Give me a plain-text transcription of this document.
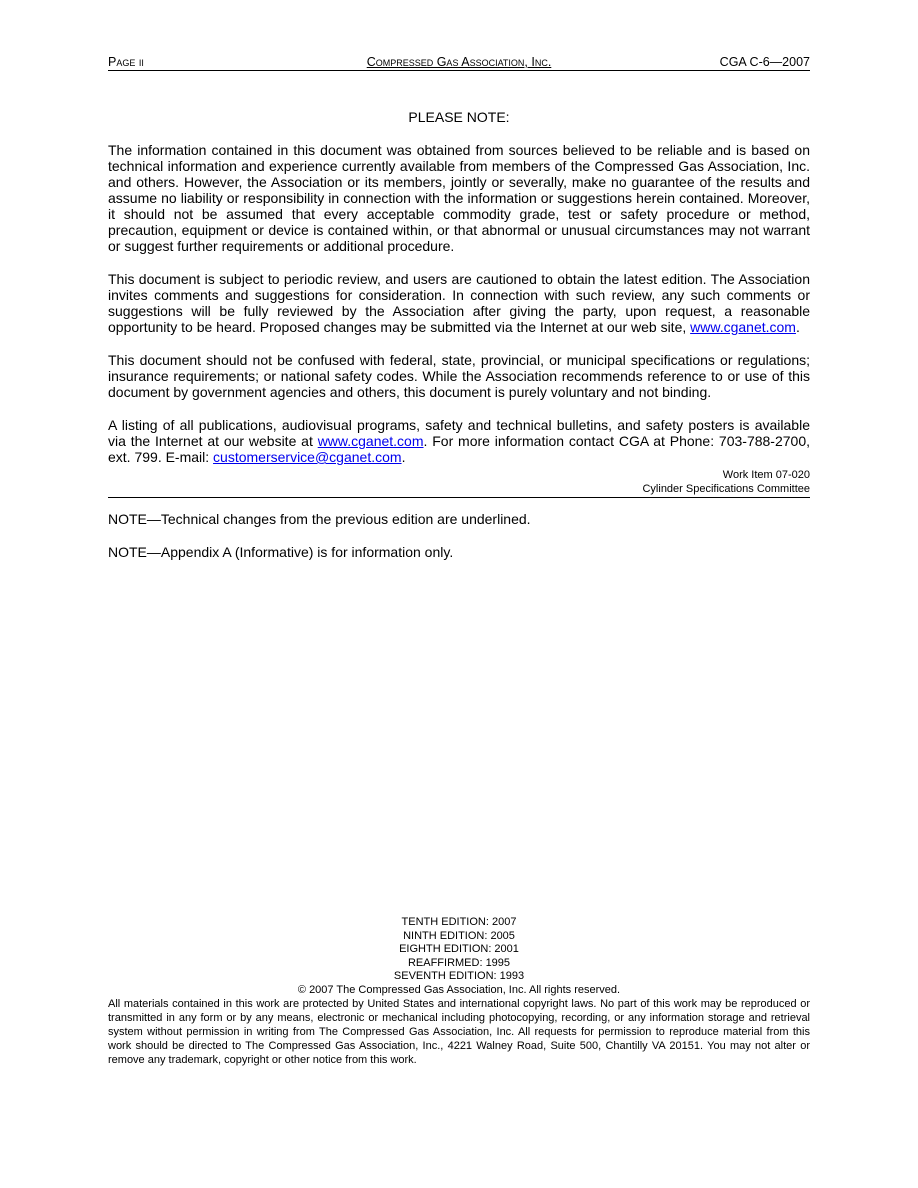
Compressed Gas Association, Inc.
Page ii	CGA C-6—2007
PLEASE NOTE:

The information contained in this document was obtained from sources believed to be reliable and is based on technical information and experience currently available from members of the Compressed Gas Association, Inc. and others. However, the Association or its members, jointly or severally, make no guarantee of the results and assume no liability or responsibility in connection with the information or suggestions herein contained. Moreover, it should not be assumed that every acceptable commodity grade, test or safety procedure or method, precaution, equipment or device is contained within, or that abnormal or unusual circumstances may not warrant or suggest further requirements or additional procedure.

This document is subject to periodic review, and users are cautioned to obtain the latest edition. The Association invites comments and suggestions for consideration. In connection with such review, any such comments or suggestions will be fully reviewed by the Association after giving the party, upon request, a reasonable opportunity to be heard. Proposed changes may be submitted via the Internet at our web site, www.cganet.com.

This document should not be confused with federal, state, provincial, or municipal specifications or regulations; insurance requirements; or national safety codes. While the Association recommends reference to or use of this document by government agencies and others, this document is purely voluntary and not binding.

A listing of all publications, audiovisual programs, safety and technical bulletins, and safety posters is available via the Internet at our website at www.cganet.com. For more information contact CGA at Phone: 703-788-2700, ext. 799. E-mail: customerservice@cganet.com.

Work Item 07-020
Cylinder Specifications Committee

NOTE—Technical changes from the previous edition are underlined.

NOTE—Appendix A (Informative) is for information only.

TENTH EDITION: 2007
NINTH EDITION: 2005
EIGHTH EDITION: 2001
REAFFIRMED: 1995
SEVENTH EDITION: 1993
© 2007 The Compressed Gas Association, Inc. All rights reserved.
All materials contained in this work are protected by United States and international copyright laws. No part of this work may be reproduced or transmitted in any form or by any means, electronic or mechanical including photocopying, recording, or any information storage and retrieval system without permission in writing from The Compressed Gas Association, Inc. All requests for permission to reproduce material from this work should be directed to The Compressed Gas Association, Inc., 4221 Walney Road, Suite 500, Chantilly VA 20151. You may not alter or remove any trademark, copyright or other notice from this work.
